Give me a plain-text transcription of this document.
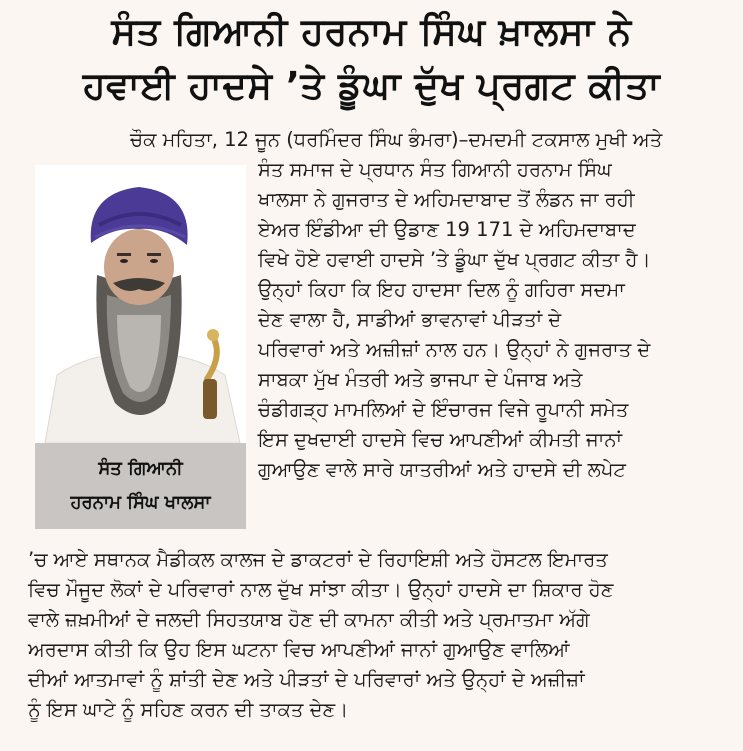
ਸੰਤ ਗਿਆਨੀ ਹਰਨਾਮ ਸਿੰਘ ਖ਼ਾਲਸਾ ਨੇ
ਹਵਾਈ ਹਾਦਸੇ ’ਤੇ ਡੂੰਘਾ ਦੁੱਖ ਪ੍ਰਗਟ ਕੀਤਾ
ਚੌਕ ਮਹਿਤਾ, 12 ਜੂਨ (ਧਰਮਿੰਦਰ ਸਿੰਘ ਭੰਮਰਾ)–ਦਮਦਮੀ ਟਕਸਾਲ ਮੁਖੀ ਅਤੇ
ਸੰਤ ਸਮਾਜ ਦੇ ਪ੍ਰਧਾਨ ਸੰਤ ਗਿਆਨੀ ਹਰਨਾਮ ਸਿੰਘ
ਖਾਲਸਾ ਨੇ ਗੁਜਰਾਤ ਦੇ ਅਹਿਮਦਾਬਾਦ ਤੋਂ ਲੰਡਨ ਜਾ ਰਹੀ
ਏਅਰ ਇੰਡੀਆ ਦੀ ਉਡਾਣ 19 171 ਦੇ ਅਹਿਮਦਾਬਾਦ
ਵਿਖੇ ਹੋਏ ਹਵਾਈ ਹਾਦਸੇ ’ਤੇ ਡੂੰਘਾ ਦੁੱਖ ਪ੍ਰਗਟ ਕੀਤਾ ਹੈ।
ਉਨ੍ਹਾਂ ਕਿਹਾ ਕਿ ਇਹ ਹਾਦਸਾ ਦਿਲ ਨੂੰ ਗਹਿਰਾ ਸਦਮਾ
ਦੇਣ ਵਾਲਾ ਹੈ, ਸਾਡੀਆਂ ਭਾਵਨਾਵਾਂ ਪੀੜਤਾਂ ਦੇ
ਪਰਿਵਾਰਾਂ ਅਤੇ ਅਜ਼ੀਜ਼ਾਂ ਨਾਲ ਹਨ। ਉਨ੍ਹਾਂ ਨੇ ਗੁਜਰਾਤ ਦੇ
ਸਾਬਕਾ ਮੁੱਖ ਮੰਤਰੀ ਅਤੇ ਭਾਜਪਾ ਦੇ ਪੰਜਾਬ ਅਤੇ
ਚੰਡੀਗੜ੍ਹ ਮਾਮਲਿਆਂ ਦੇ ਇੰਚਾਰਜ ਵਿਜੇ ਰੂਪਾਨੀ ਸਮੇਤ
ਇਸ ਦੁਖਦਾਈ ਹਾਦਸੇ ਵਿਚ ਆਪਣੀਆਂ ਕੀਮਤੀ ਜਾਨਾਂ
ਗੁਆਉਣ ਵਾਲੇ ਸਾਰੇ ਯਾਤਰੀਆਂ ਅਤੇ ਹਾਦਸੇ ਦੀ ਲਪੇਟ
’ਚ ਆਏ ਸਥਾਨਕ ਮੈਡੀਕਲ ਕਾਲਜ ਦੇ ਡਾਕਟਰਾਂ ਦੇ ਰਿਹਾਇਸ਼ੀ ਅਤੇ ਹੋਸਟਲ ਇਮਾਰਤ
ਵਿਚ ਮੌਜੂਦ ਲੋਕਾਂ ਦੇ ਪਰਿਵਾਰਾਂ ਨਾਲ ਦੁੱਖ ਸਾਂਝਾ ਕੀਤਾ। ਉਨ੍ਹਾਂ ਹਾਦਸੇ ਦਾ ਸ਼ਿਕਾਰ ਹੋਣ
ਵਾਲੇ ਜ਼ਖ਼ਮੀਆਂ ਦੇ ਜਲਦੀ ਸਿਹਤਯਾਬ ਹੋਣ ਦੀ ਕਾਮਨਾ ਕੀਤੀ ਅਤੇ ਪ੍ਰਮਾਤਮਾ ਅੱਗੇ
ਅਰਦਾਸ ਕੀਤੀ ਕਿ ਉਹ ਇਸ ਘਟਨਾ ਵਿਚ ਆਪਣੀਆਂ ਜਾਨਾਂ ਗੁਆਉਣ ਵਾਲਿਆਂ
ਦੀਆਂ ਆਤਮਾਵਾਂ ਨੂੰ ਸ਼ਾਂਤੀ ਦੇਣ ਅਤੇ ਪੀੜਤਾਂ ਦੇ ਪਰਿਵਾਰਾਂ ਅਤੇ ਉਨ੍ਹਾਂ ਦੇ ਅਜ਼ੀਜ਼ਾਂ
ਨੂੰ ਇਸ ਘਾਟੇ ਨੂੰ ਸਹਿਣ ਕਰਨ ਦੀ ਤਾਕਤ ਦੇਣ।
ਸੰਤ ਗਿਆਨੀ
ਹਰਨਾਮ ਸਿੰਘ ਖਾਲਸਾ
